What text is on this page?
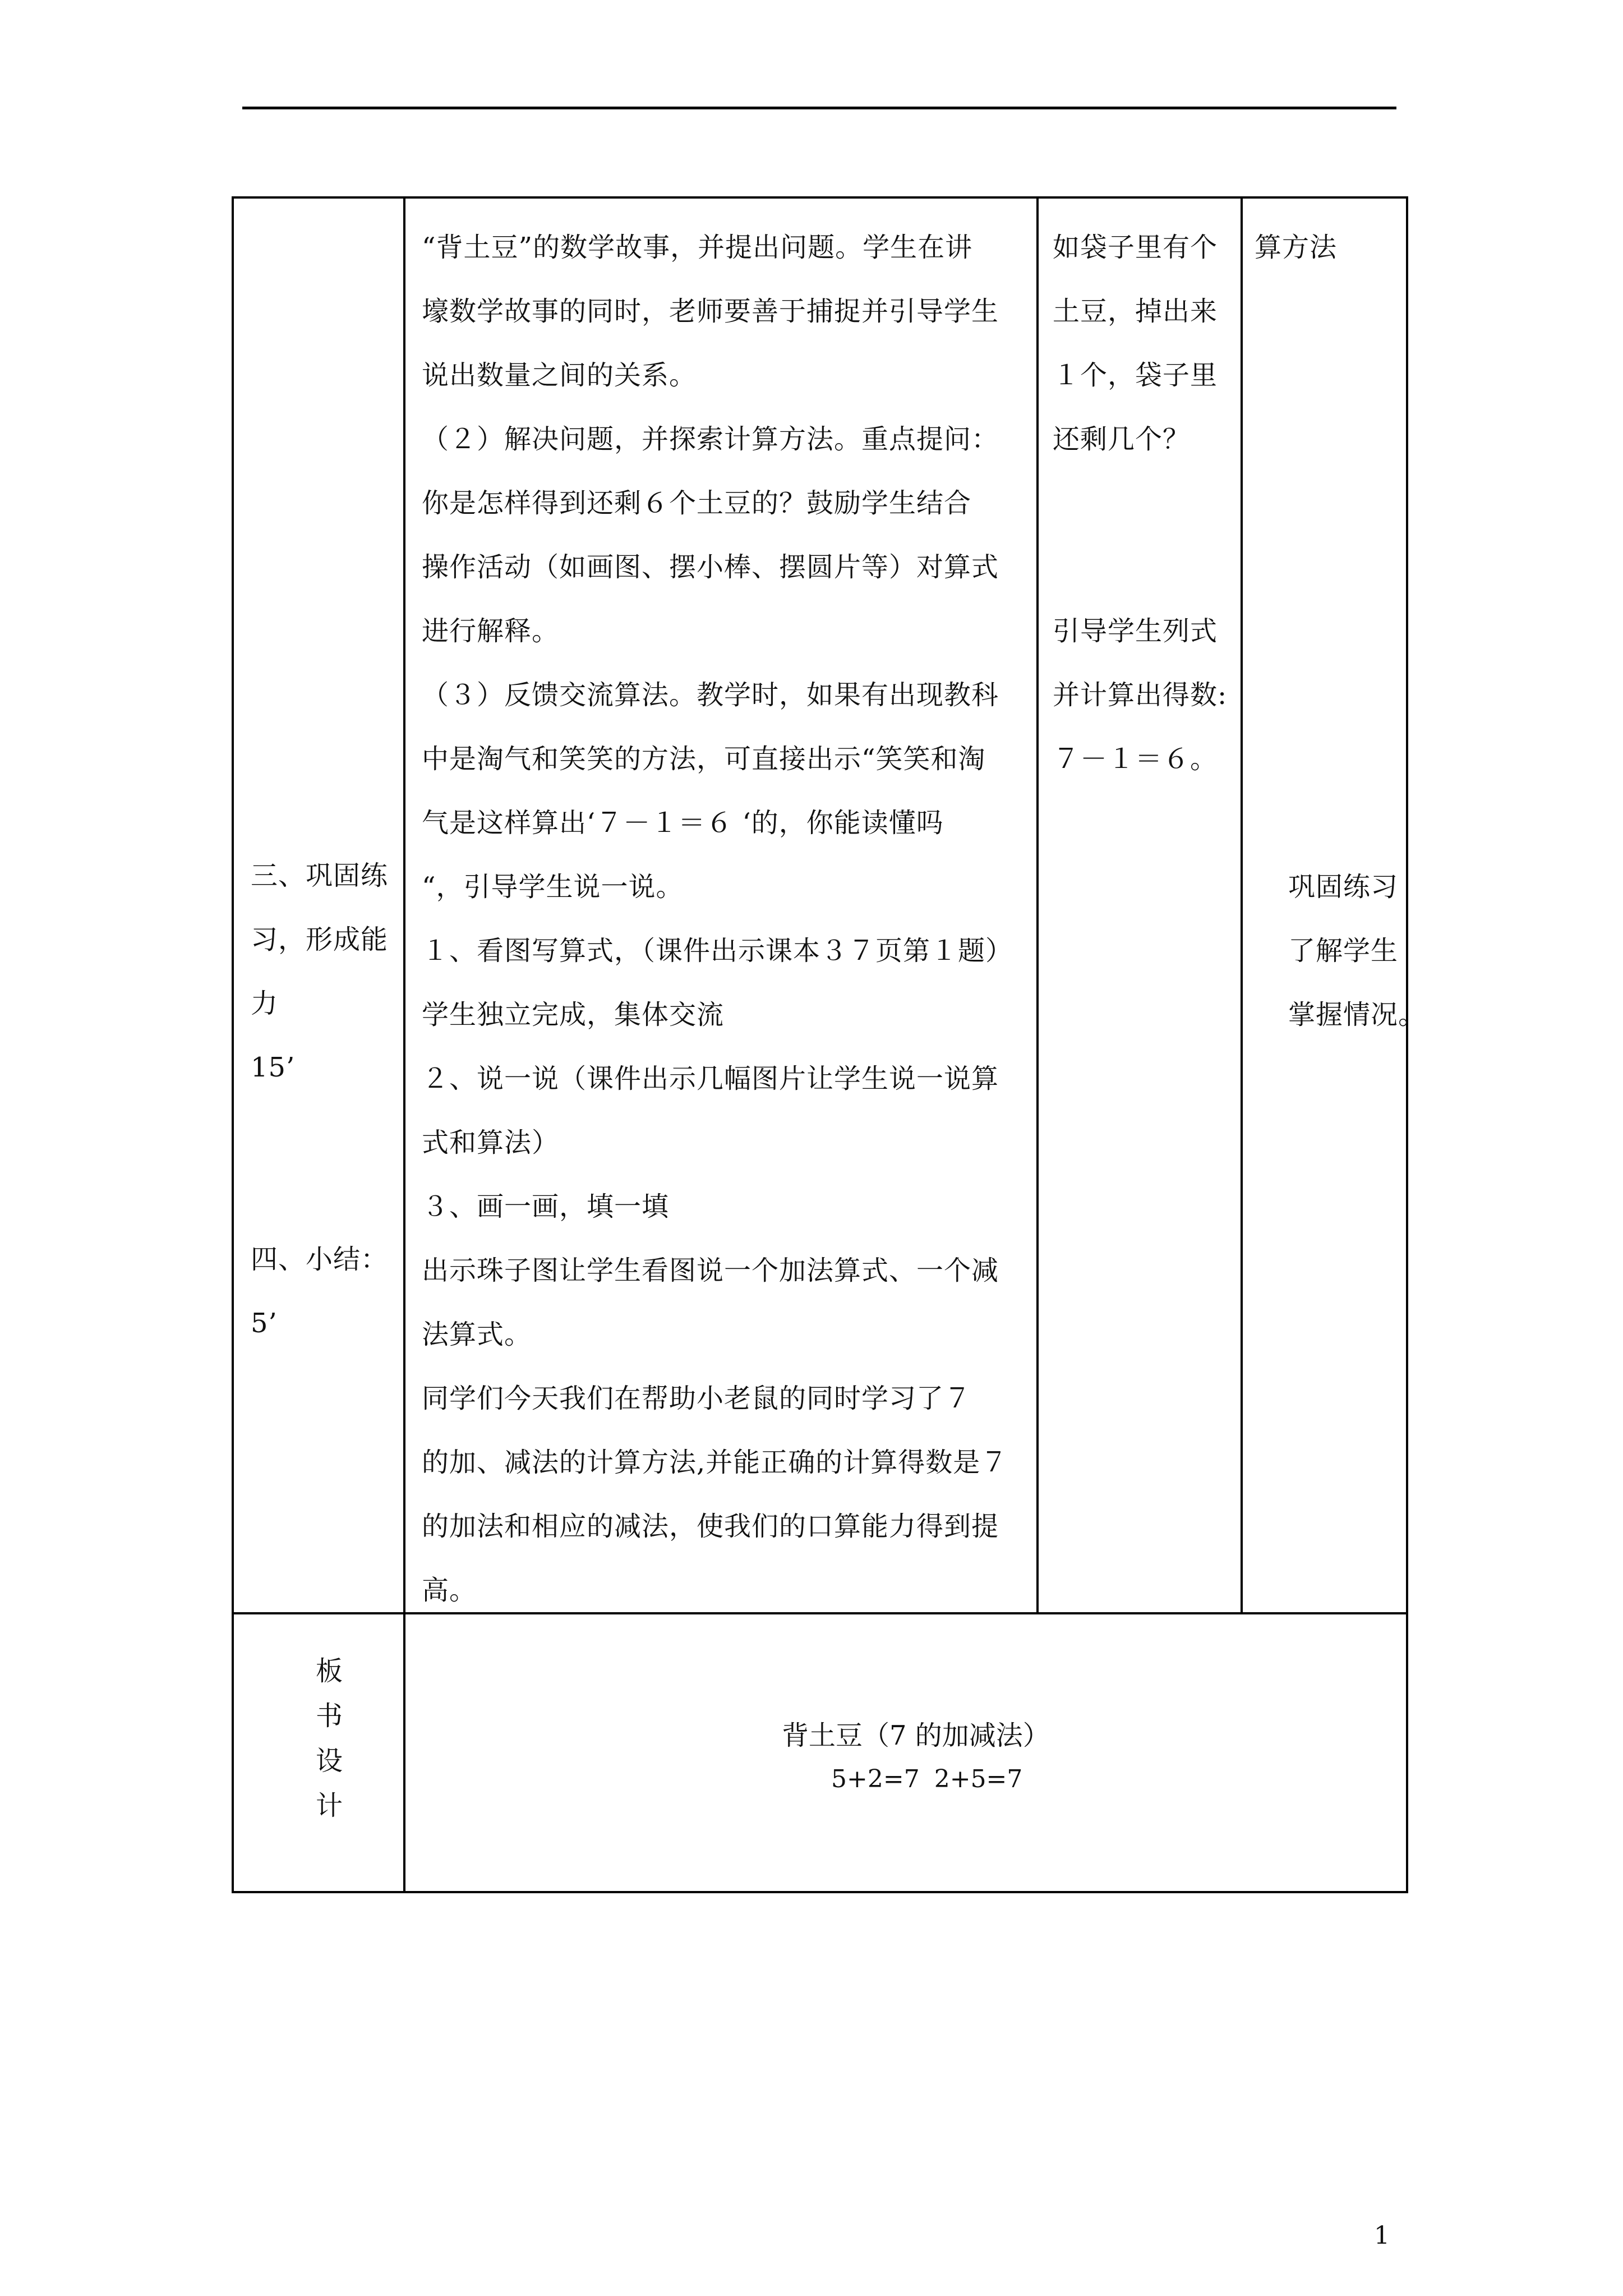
三、巩固练
习，形成能
力
15’
四、小结：
5’
“背土豆”的数学故事，并提出问题。学生在讲
壕数学故事的同时，老师要善于捕捉并引导学生
说出数量之间的关系。
（２）解决问题，并探索计算方法。重点提问：
你是怎样得到还剩６个土豆的？鼓励学生结合
操作活动（如画图、摆小棒、摆圆片等）对算式
进行解释。
（３）反馈交流算法。教学时，如果有出现教科
中是淘气和笑笑的方法，可直接出示“笑笑和淘
气是这样算出‘７－１＝６ ‘的，你能读懂吗
“，引导学生说一说。
１、看图写算式，（课件出示课本３７页第１题）
学生独立完成，集体交流
２、说一说（课件出示几幅图片让学生说一说算
式和算法）
３、画一画，填一填
出示珠子图让学生看图说一个加法算式、一个减
法算式。
同学们今天我们在帮助小老鼠的同时学习了７
的加、减法的计算方法,并能正确的计算得数是７
的加法和相应的减法，使我们的口算能力得到提
高。
如袋子里有个
土豆，掉出来
１个，袋子里
还剩几个？
引导学生列式
并计算出得数:
７－１＝６。
算方法
巩固练习
了解学生
掌握情况。
板
书
设
计
背土豆（7 的加减法）
5+2=7 2+5=7
1
